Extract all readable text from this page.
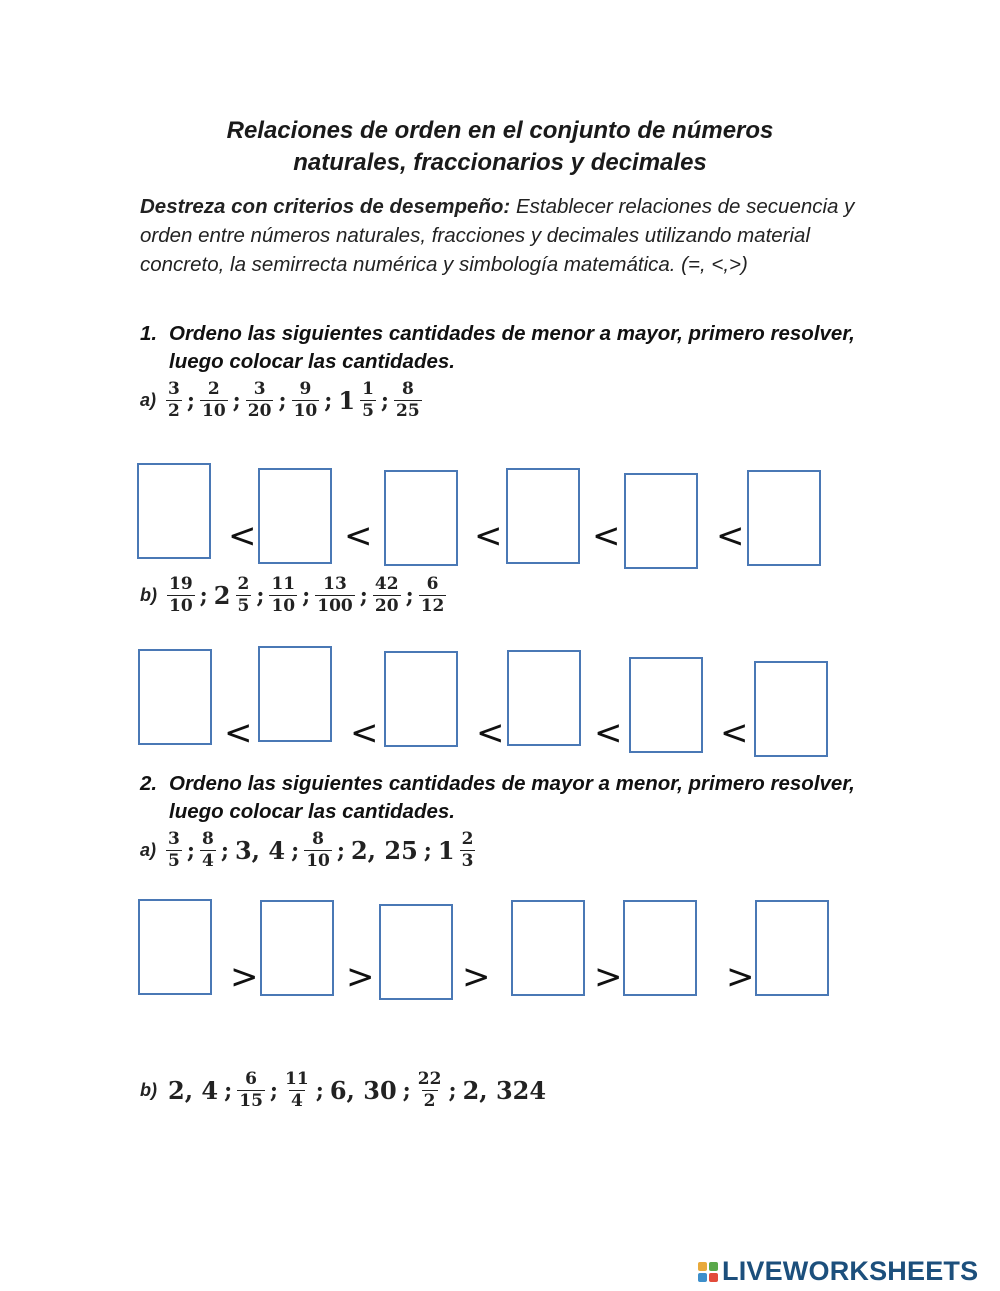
Relaciones de orden en el conjunto de números
naturales, fraccionarios y decimales
Destreza con criterios de desempeño: Establecer relaciones de secuencia y orden entre números naturales, fracciones y decimales utilizando material concreto, la semirrecta numérica y simbología matemática. (=, <,>)
1. Ordeno las siguientes cantidades de menor a mayor, primero resolver, luego colocar las cantidades.
$a) \frac{3}{2}$ ; $\frac{2}{10}$ ; $\frac{3}{20}$ ; $\frac{9}{10}$ ; $1 \frac{1}{5}$ ; $\frac{8}{25}$
<	<	<	<	<
$b) \frac{19}{10}$ ; $2 \frac{2}{5}$ ; $\frac{11}{10}$ ; $\frac{13}{100}$ ; $\frac{42}{20}$ ; $\frac{6}{12}$
<	<	<	<	<
2. Ordeno las siguientes cantidades de mayor a menor, primero resolver, luego colocar las cantidades.
$a) \frac{3}{5}$ ; $\frac{8}{4}$ ; 3, 4 ; $\frac{8}{10}$ ; 2, 25 ; $1 \frac{2}{3}$
>	>	>	>	>
b) 2, 4 ; $\frac{6}{15}$ ; $\frac{11}{4}$ ; 6, 30 ; $\frac{22}{2}$ ; 2, 324
LIVEWORKSHEETS
